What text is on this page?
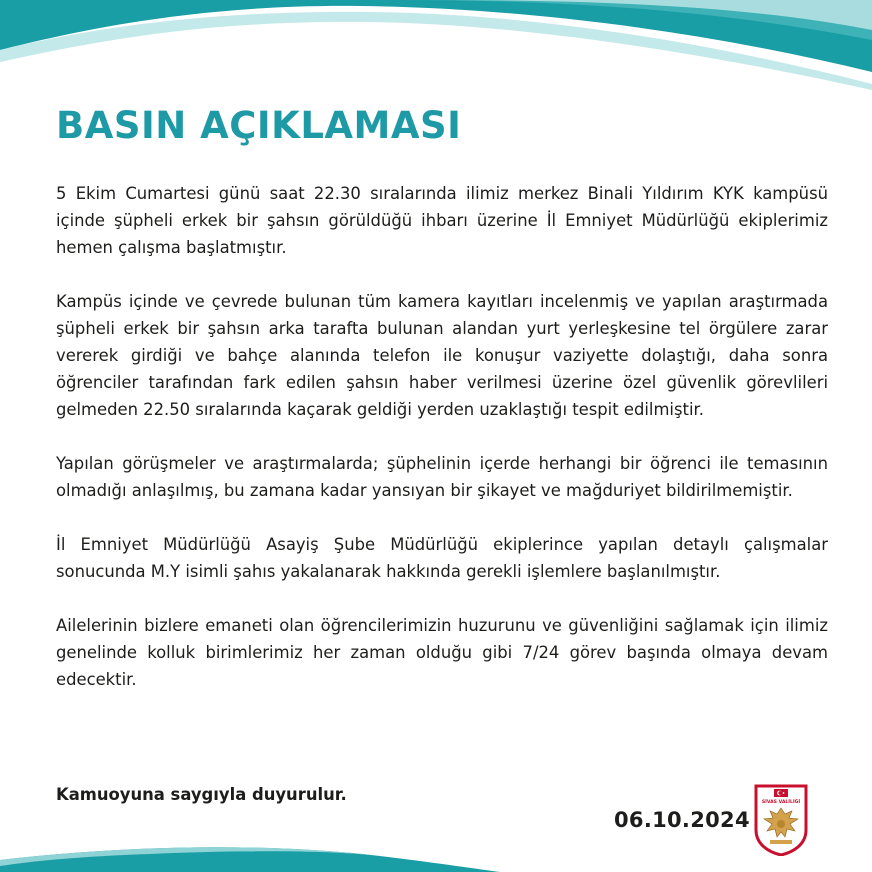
BASIN AÇIKLAMASI

5 Ekim Cumartesi günü saat 22.30 sıralarında ilimiz merkez Binali Yıldırım KYK kampüsü içinde şüpheli erkek bir şahsın görüldüğü ihbarı üzerine İl Emniyet Müdürlüğü ekiplerimiz hemen çalışma başlatmıştır.

Kampüs içinde ve çevrede bulunan tüm kamera kayıtları incelenmiş ve yapılan araştırmada şüpheli erkek bir şahsın arka tarafta bulunan alandan yurt yerleşkesine tel örgülere zarar vererek girdiği ve bahçe alanında telefon ile konuşur vaziyette dolaştığı, daha sonra öğrenciler tarafından fark edilen şahsın haber verilmesi üzerine özel güvenlik görevlileri gelmeden 22.50 sıralarında kaçarak geldiği yerden uzaklaştığı tespit edilmiştir.

Yapılan görüşmeler ve araştırmalarda; şüphelinin içerde herhangi bir öğrenci ile temasının olmadığı anlaşılmış, bu zamana kadar yansıyan bir şikayet ve mağduriyet bildirilmemiştir.

İl Emniyet Müdürlüğü Asayiş Şube Müdürlüğü ekiplerince yapılan detaylı çalışmalar sonucunda M.Y isimli şahıs yakalanarak hakkında gerekli işlemlere başlanılmıştır.

Ailelerinin bizlere emaneti olan öğrencilerimizin huzurunu ve güvenliğini sağlamak için ilimiz genelinde kolluk birimlerimiz her zaman olduğu gibi 7/24 görev başında olmaya devam edecektir.

Kamuoyuna saygıyla duyurulur.

06.10.2024

SİVAS VALİLİĞİ
